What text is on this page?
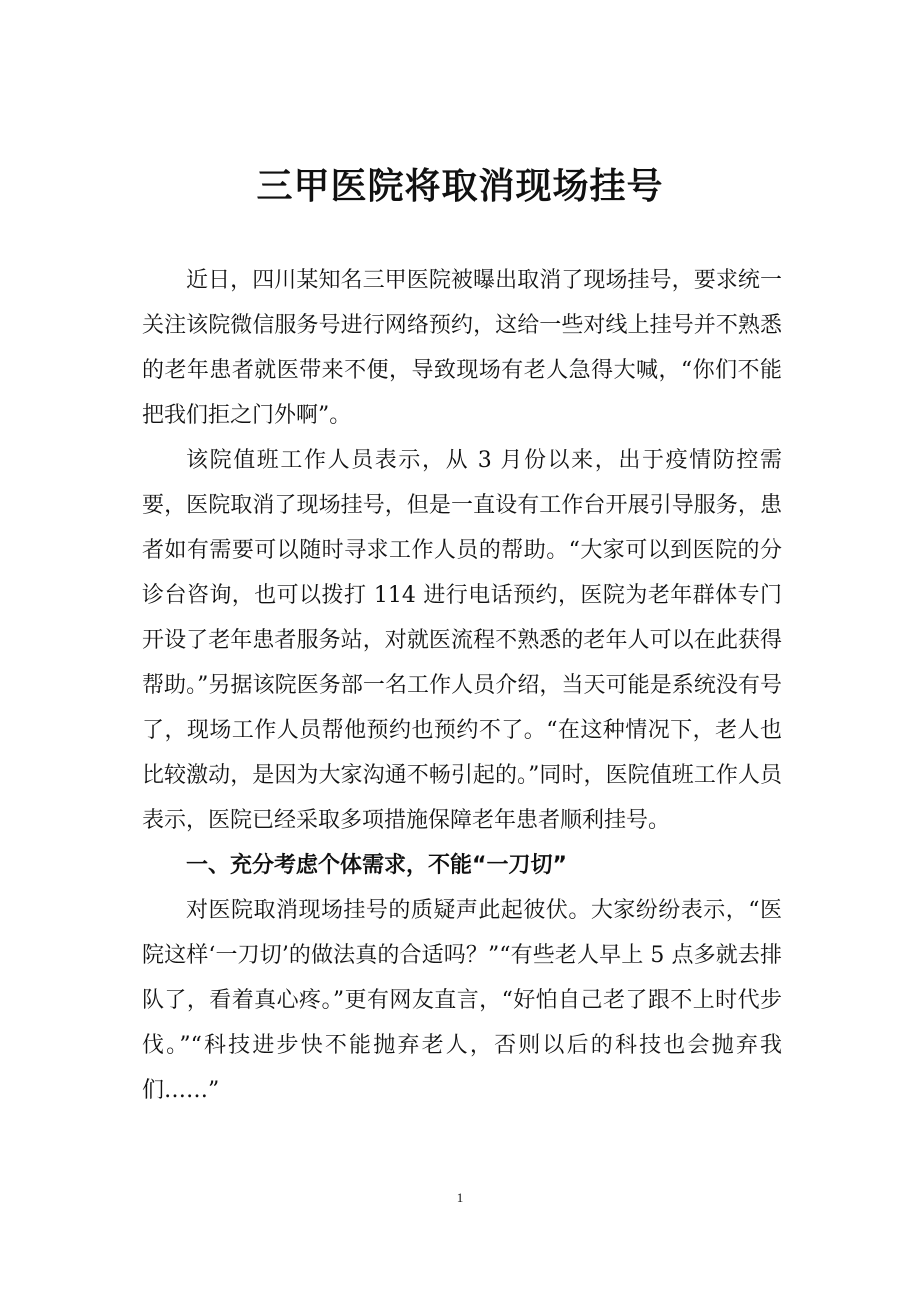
三甲医院将取消现场挂号

近日，四川某知名三甲医院被曝出取消了现场挂号，要求统一关注该院微信服务号进行网络预约，这给一些对线上挂号并不熟悉的老年患者就医带来不便，导致现场有老人急得大喊，“你们不能把我们拒之门外啊”。

该院值班工作人员表示，从 3 月份以来，出于疫情防控需要，医院取消了现场挂号，但是一直设有工作台开展引导服务，患者如有需要可以随时寻求工作人员的帮助。“大家可以到医院的分诊台咨询，也可以拨打 114 进行电话预约，医院为老年群体专门开设了老年患者服务站，对就医流程不熟悉的老年人可以在此获得帮助。”另据该院医务部一名工作人员介绍，当天可能是系统没有号了，现场工作人员帮他预约也预约不了。“在这种情况下，老人也比较激动，是因为大家沟通不畅引起的。”同时，医院值班工作人员表示，医院已经采取多项措施保障老年患者顺利挂号。

一、充分考虑个体需求，不能“一刀切”

对医院取消现场挂号的质疑声此起彼伏。大家纷纷表示，“医院这样‘一刀切’的做法真的合适吗？”“有些老人早上 5 点多就去排队了，看着真心疼。”更有网友直言，“好怕自己老了跟不上时代步伐。”“科技进步快不能抛弃老人，否则以后的科技也会抛弃我们……”

1
